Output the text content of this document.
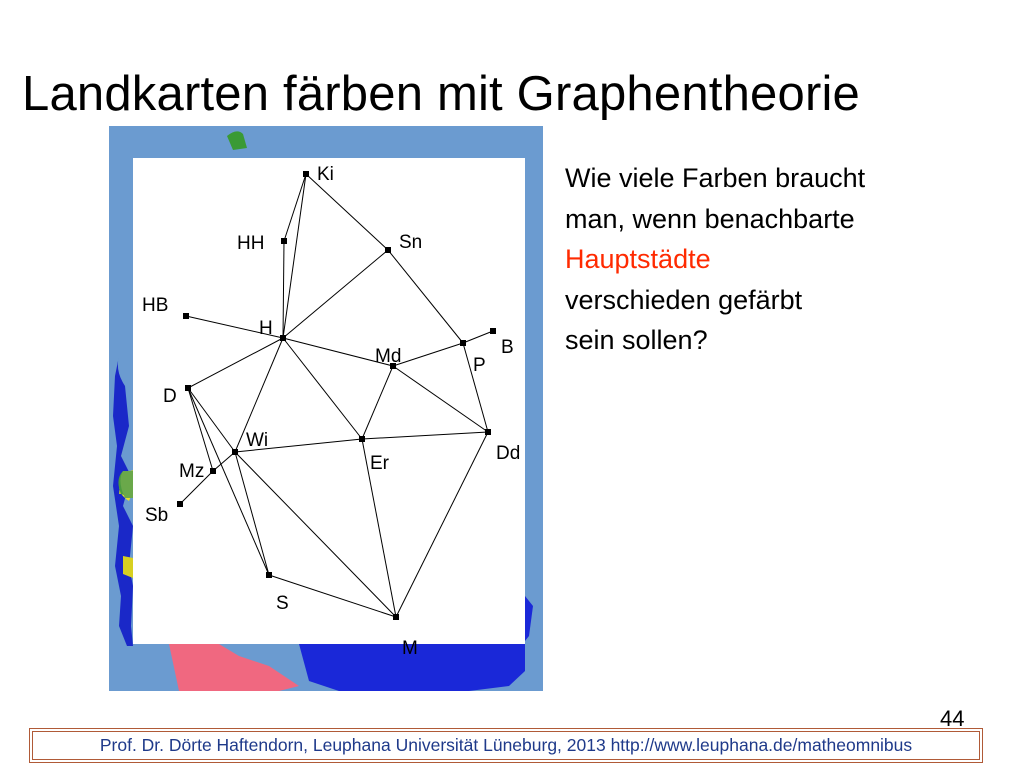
Landkarten färben mit Graphentheorie
Ki
HH	Sn
HB
H
Md	P
B
D
Wi
Er	Dd
Mz
Sb
S
M
Wie viele Farben braucht
man, wenn benachbarte
Hauptstädte
verschieden gefärbt
sein sollen?
44
Prof. Dr. Dörte Haftendorn, Leuphana Universität Lüneburg, 2013 http://www.leuphana.de/matheomnibus
